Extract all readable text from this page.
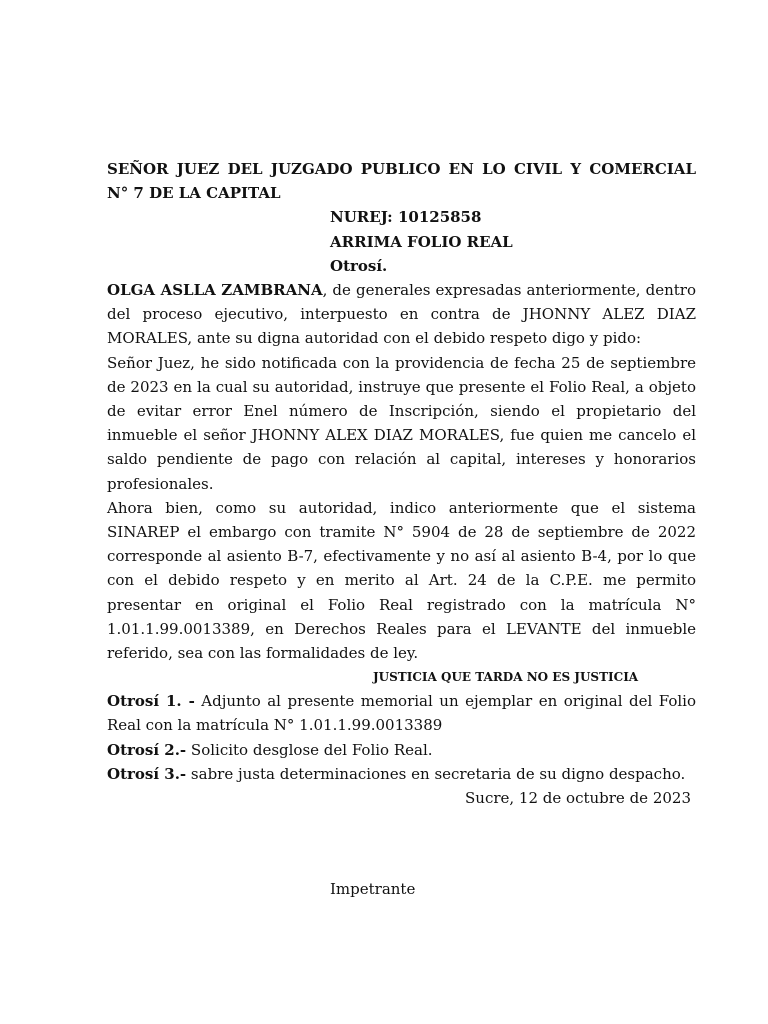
SEÑOR JUEZ DEL JUZGADO PUBLICO EN LO CIVIL Y COMERCIAL
N° 7 DE LA CAPITAL
NUREJ: 10125858
ARRIMA FOLIO REAL
Otrosí.

OLGA ASLLA ZAMBRANA, de generales expresadas anteriormente, dentro del proceso ejecutivo, interpuesto en contra de JHONNY ALEZ DIAZ MORALES, ante su digna autoridad con el debido respeto digo y pido:

Señor Juez, he sido notificada con la providencia de fecha 25 de septiembre de 2023 en la cual su autoridad, instruye que presente el Folio Real, a objeto de evitar error Enel número de Inscripción, siendo el propietario del inmueble el señor JHONNY ALEX DIAZ MORALES, fue quien me cancelo el saldo pendiente de pago con relación al capital, intereses y honorarios profesionales.

Ahora bien, como su autoridad, indico anteriormente que el sistema SINAREP el embargo con tramite N° 5904 de 28 de septiembre de 2022 corresponde al asiento B-7, efectivamente y no así al asiento B-4, por lo que con el debido respeto y en merito al Art. 24 de la C.P.E. me permito presentar en original el Folio Real registrado con la matrícula N° 1.01.1.99.0013389, en Derechos Reales para el LEVANTE del inmueble referido, sea con las formalidades de ley.

JUSTICIA QUE TARDA NO ES JUSTICIA

Otrosí 1. - Adjunto al presente memorial un ejemplar en original del Folio Real con la matrícula N° 1.01.1.99.0013389

Otrosí 2.- Solicito desglose del Folio Real.

Otrosí 3.- sabre justa determinaciones en secretaria de su digno despacho.

Sucre, 12 de octubre de 2023
Impetrante
